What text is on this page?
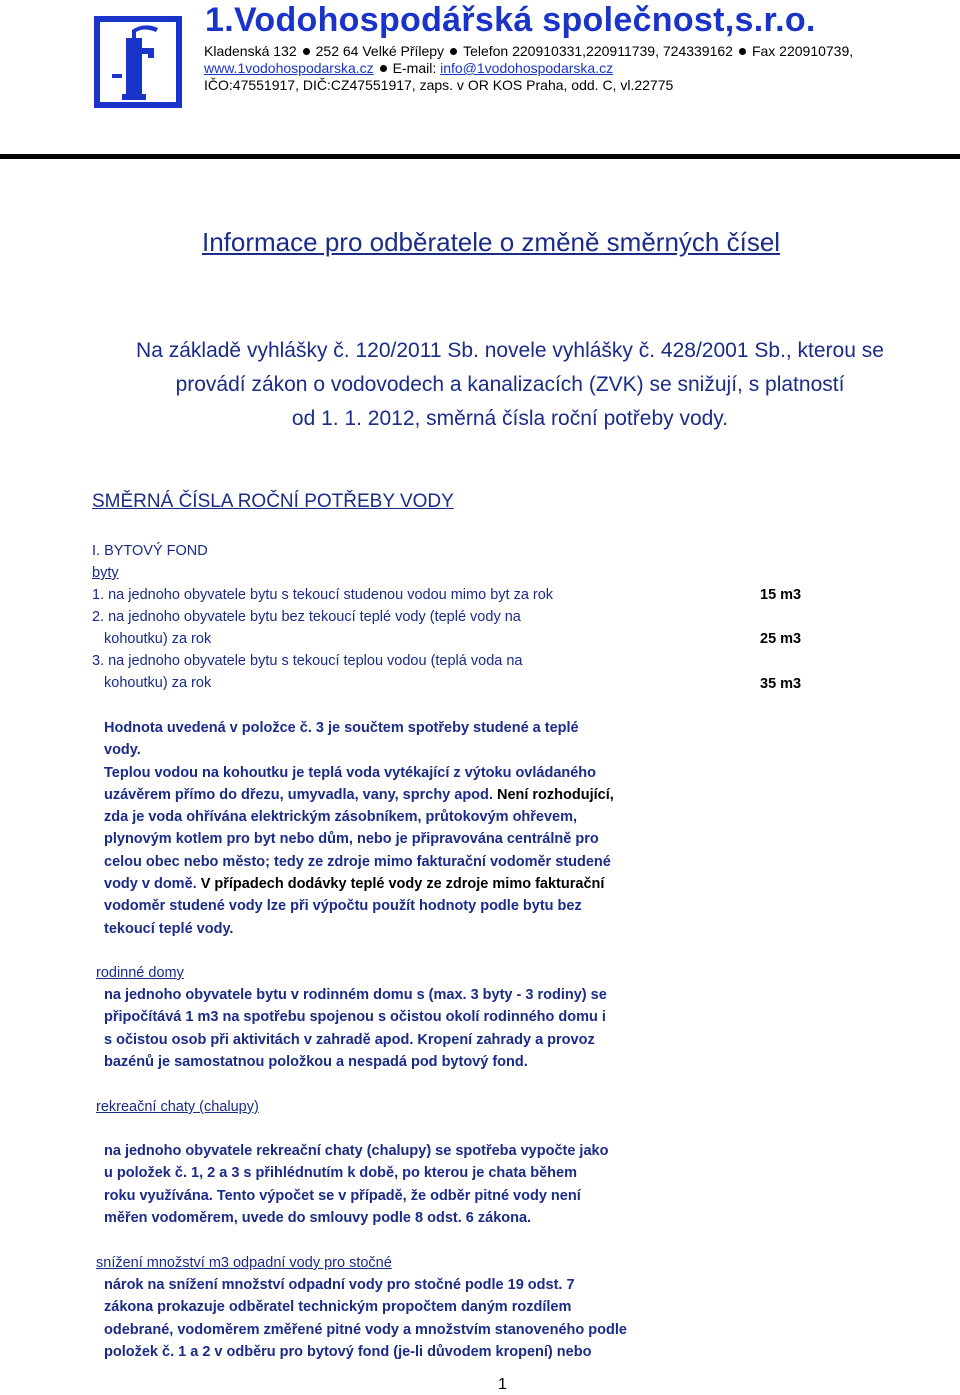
1.Vodohospodářská společnost,s.r.o.
Kladenská 132 252 64 Velké Přílepy Telefon 220910331,220911739, 724339162 Fax 220910739,
www.1vodohospodarska.cz E-mail: info@1vodohospodarska.cz
IČO:47551917, DIČ:CZ47551917, zaps. v OR KOS Praha, odd. C, vl.22775
Informace pro odběratele o změně směrných čísel
Na základě vyhlášky č. 120/2011 Sb. novele vyhlášky č. 428/2001 Sb., kterou se
provádí zákon o vodovodech a kanalizacích (ZVK) se snižují, s platností
od 1. 1. 2012, směrná čísla roční potřeby vody.
SMĚRNÁ ČÍSLA ROČNÍ POTŘEBY VODY
I. BYTOVÝ FOND
byty
1. na jednoho obyvatele bytu s tekoucí studenou vodou mimo byt za rok	15 m3
2. na jednoho obyvatele bytu bez tekoucí teplé vody (teplé vody na
kohoutku) za rok	25 m3
3. na jednoho obyvatele bytu s tekoucí teplou vodou (teplá voda na
kohoutku) za rok	35 m3
Hodnota uvedená v položce č. 3 je součtem spotřeby studené a teplé
vody.
Teplou vodou na kohoutku je teplá voda vytékající z výtoku ovládaného
uzávěrem přímo do dřezu, umyvadla, vany, sprchy apod. Není rozhodující,
zda je voda ohřívána elektrickým zásobníkem, průtokovým ohřevem,
plynovým kotlem pro byt nebo dům, nebo je připravována centrálně pro
celou obec nebo město; tedy ze zdroje mimo fakturační vodoměr studené
vody v domě. V případech dodávky teplé vody ze zdroje mimo fakturační
vodoměr studené vody lze při výpočtu použít hodnoty podle bytu bez
tekoucí teplé vody.
rodinné domy
na jednoho obyvatele bytu v rodinném domu s (max. 3 byty - 3 rodiny) se
připočítává 1 m3 na spotřebu spojenou s očistou okolí rodinného domu i
s očistou osob při aktivitách v zahradě apod. Kropení zahrady a provoz
bazénů je samostatnou položkou a nespadá pod bytový fond.
rekreační chaty (chalupy)
na jednoho obyvatele rekreační chaty (chalupy) se spotřeba vypočte jako
u položek č. 1, 2 a 3 s přihlédnutím k době, po kterou je chata během
roku využívána. Tento výpočet se v případě, že odběr pitné vody není
měřen vodoměrem, uvede do smlouvy podle 8 odst. 6 zákona.
snížení množství m3 odpadní vody pro stočné
nárok na snížení množství odpadní vody pro stočné podle 19 odst. 7
zákona prokazuje odběratel technickým propočtem daným rozdílem
odebrané, vodoměrem změřené pitné vody a množstvím stanoveného podle
položek č. 1 a 2 v odběru pro bytový fond (je-li důvodem kropení) nebo
1
